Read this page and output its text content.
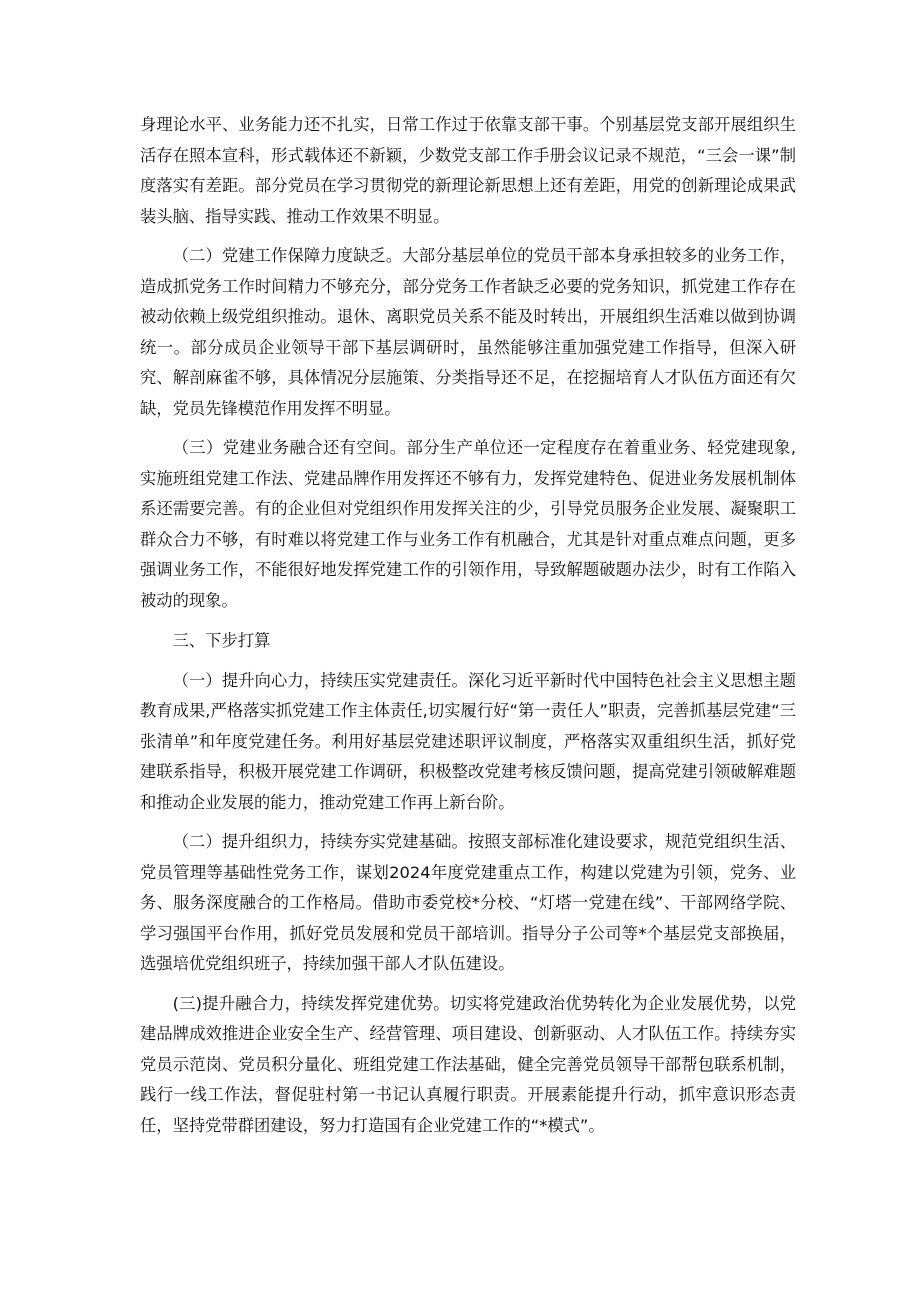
身理论水平、业务能力还不扎实，日常工作过于依靠支部干事。个别基层党支部开展组织生活存在照本宣科，形式载体还不新颖，少数党支部工作手册会议记录不规范，“三会一课”制度落实有差距。部分党员在学习贯彻党的新理论新思想上还有差距，用党的创新理论成果武装头脑、指导实践、推动工作效果不明显。

（二）党建工作保障力度缺乏。大部分基层单位的党员干部本身承担较多的业务工作，造成抓党务工作时间精力不够充分，部分党务工作者缺乏必要的党务知识，抓党建工作存在被动依赖上级党组织推动。退休、离职党员关系不能及时转出，开展组织生活难以做到协调统一。部分成员企业领导干部下基层调研时，虽然能够注重加强党建工作指导，但深入研究、解剖麻雀不够，具体情况分层施策、分类指导还不足，在挖掘培育人才队伍方面还有欠缺，党员先锋模范作用发挥不明显。

（三）党建业务融合还有空间。部分生产单位还一定程度存在着重业务、轻党建现象,实施班组党建工作法、党建品牌作用发挥还不够有力，发挥党建特色、促进业务发展机制体系还需要完善。有的企业但对党组织作用发挥关注的少，引导党员服务企业发展、凝聚职工群众合力不够，有时难以将党建工作与业务工作有机融合，尤其是针对重点难点问题，更多强调业务工作，不能很好地发挥党建工作的引领作用，导致解题破题办法少，时有工作陷入被动的现象。

三、下步打算

（一）提升向心力，持续压实党建责任。深化习近平新时代中国特色社会主义思想主题教育成果,严格落实抓党建工作主体责任,切实履行好“第一责任人”职责，完善抓基层党建“三张清单”和年度党建任务。利用好基层党建述职评议制度，严格落实双重组织生活，抓好党建联系指导，积极开展党建工作调研，积极整改党建考核反馈问题，提高党建引领破解难题和推动企业发展的能力，推动党建工作再上新台阶。

（二）提升组织力，持续夯实党建基础。按照支部标准化建设要求，规范党组织生活、党员管理等基础性党务工作，谋划2024年度党建重点工作，构建以党建为引领，党务、业务、服务深度融合的工作格局。借助市委党校*分校、“灯塔一党建在线”、干部网络学院、学习强国平台作用，抓好党员发展和党员干部培训。指导分子公司等*个基层党支部换届，选强培优党组织班子，持续加强干部人才队伍建设。

(三)提升融合力，持续发挥党建优势。切实将党建政治优势转化为企业发展优势，以党建品牌成效推进企业安全生产、经营管理、项目建设、创新驱动、人才队伍工作。持续夯实党员示范岗、党员积分量化、班组党建工作法基础，健全完善党员领导干部帮包联系机制，践行一线工作法，督促驻村第一书记认真履行职责。开展素能提升行动，抓牢意识形态责任，坚持党带群团建设，努力打造国有企业党建工作的“*模式”。
